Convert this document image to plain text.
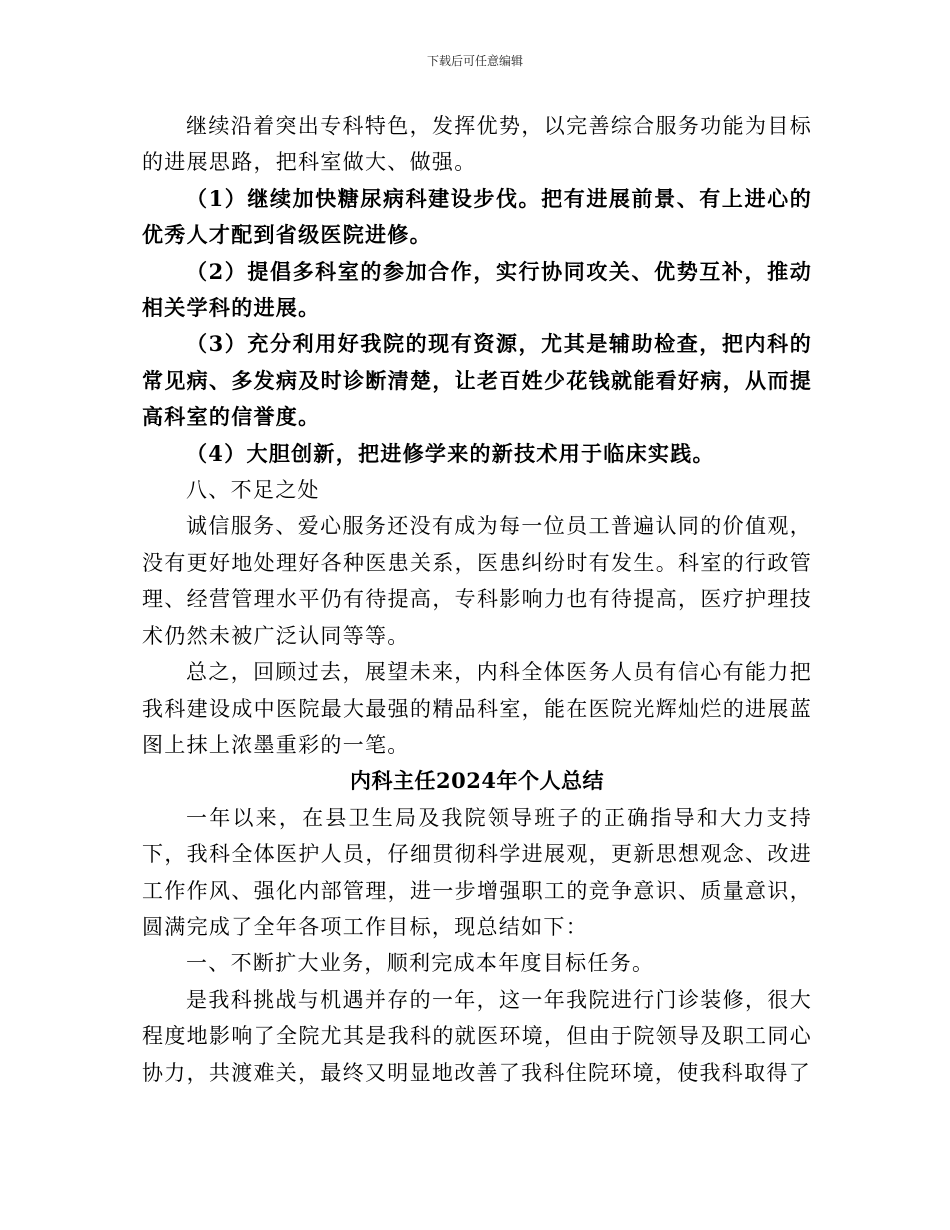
下载后可任意编辑

继续沿着突出专科特色，发挥优势，以完善综合服务功能为目标的进展思路，把科室做大、做强。

（1）继续加快糖尿病科建设步伐。把有进展前景、有上进心的优秀人才配到省级医院进修。

（2）提倡多科室的参加合作，实行协同攻关、优势互补，推动相关学科的进展。

（3）充分利用好我院的现有资源，尤其是辅助检查，把内科的常见病、多发病及时诊断清楚，让老百姓少花钱就能看好病，从而提高科室的信誉度。

（4）大胆创新，把进修学来的新技术用于临床实践。

八、不足之处

诚信服务、爱心服务还没有成为每一位员工普遍认同的价值观，没有更好地处理好各种医患关系，医患纠纷时有发生。科室的行政管理、经营管理水平仍有待提高，专科影响力也有待提高，医疗护理技术仍然未被广泛认同等等。

总之，回顾过去，展望未来，内科全体医务人员有信心有能力把我科建设成中医院最大最强的精品科室，能在医院光辉灿烂的进展蓝图上抹上浓墨重彩的一笔。

内科主任2024年个人总结

一年以来，在县卫生局及我院领导班子的正确指导和大力支持下，我科全体医护人员，仔细贯彻科学进展观，更新思想观念、改进工作作风、强化内部管理，进一步增强职工的竞争意识、质量意识，圆满完成了全年各项工作目标，现总结如下：

一、不断扩大业务，顺利完成本年度目标任务。

是我科挑战与机遇并存的一年，这一年我院进行门诊装修，很大程度地影响了全院尤其是我科的就医环境，但由于院领导及职工同心协力，共渡难关，最终又明显地改善了我科住院环境，使我科取得了
